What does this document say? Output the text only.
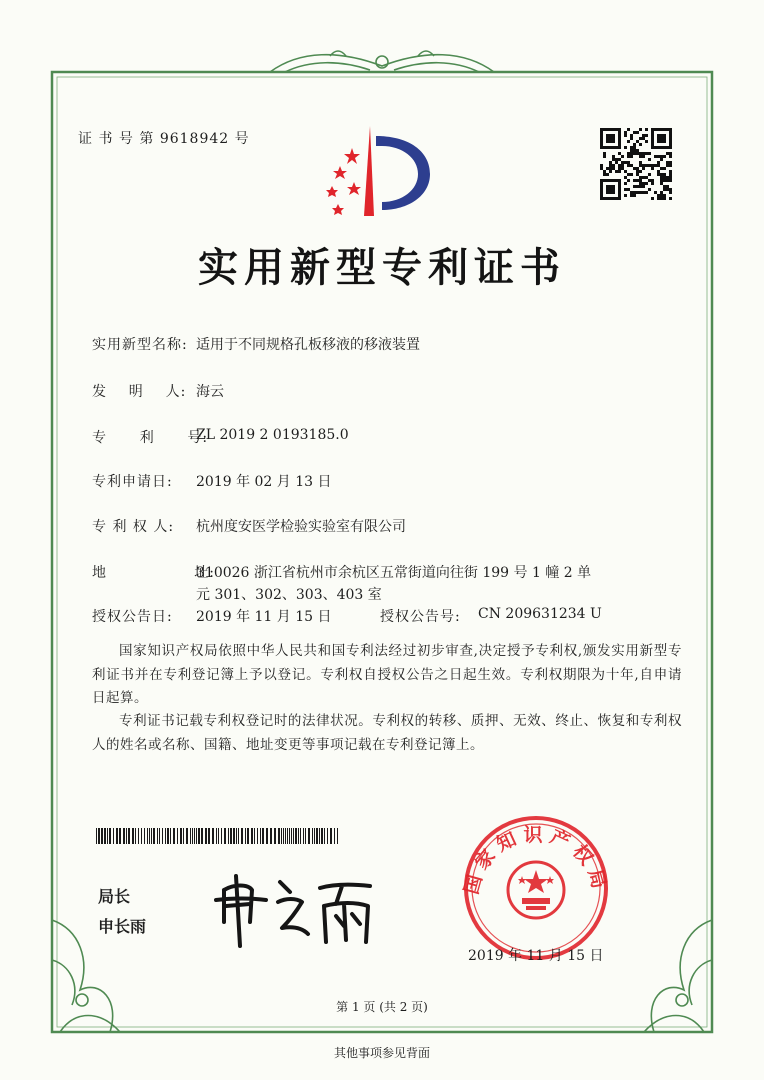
证 书 号 第 9618942 号
实用新型专利证书
实用新型名称: 适用于不同规格孔板移液的移液装置
发    明    人: 海云
专      利      号:
ZL 2019 2 0193185.0
专利申请日: 2019 年 02 月 13 日
专 利 权 人: 杭州度安医学检验实验室有限公司
地                址:
310026 浙江省杭州市余杭区五常街道向往街 199 号 1 幢 2 单
元 301、302、303、403 室
授权公告日: 2019 年 11 月 15 日	授权公告号: CN 209631234 U
国家知识产权局依照中华人民共和国专利法经过初步审查,决定授予专利权,颁发实用新型专利证书并在专利登记簿上予以登记。专利权自授权公告之日起生效。专利权期限为十年,自申请日起算。
专利证书记载专利权登记时的法律状况。专利权的转移、质押、无效、终止、恢复和专利权人的姓名或名称、国籍、地址变更等事项记载在专利登记簿上。
局长
申长雨
国家知识产权局
2019 年 11 月 15 日
第 1 页 (共 2 页)
其他事项参见背面
